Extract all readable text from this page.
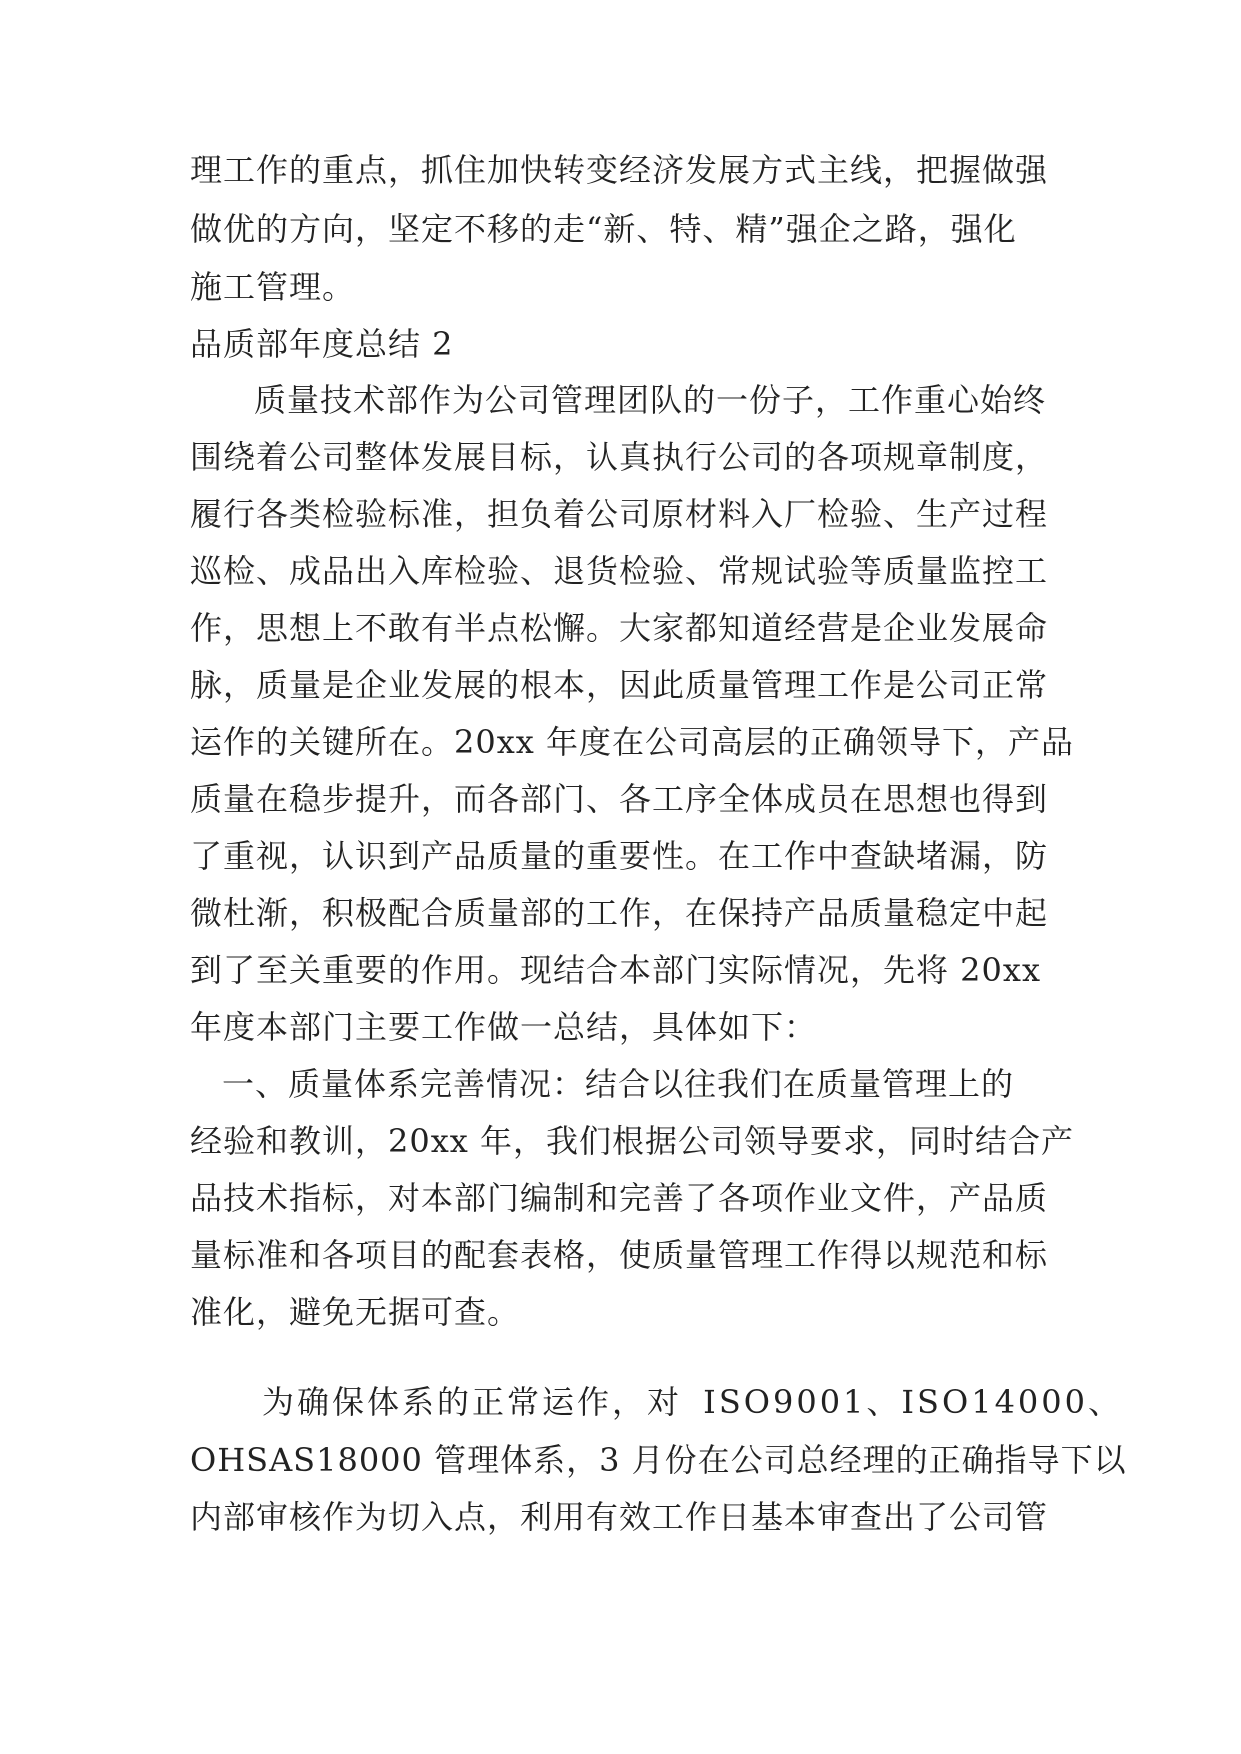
理工作的重点，抓住加快转变经济发展方式主线，把握做强
做优的方向，坚定不移的走“新、特、精”强企之路，强化
施工管理。
品质部年度总结 2
质量技术部作为公司管理团队的一份子，工作重心始终
围绕着公司整体发展目标，认真执行公司的各项规章制度，
履行各类检验标准，担负着公司原材料入厂检验、生产过程
巡检、成品出入库检验、退货检验、常规试验等质量监控工
作，思想上不敢有半点松懈。大家都知道经营是企业发展命
脉，质量是企业发展的根本，因此质量管理工作是公司正常
运作的关键所在。20xx 年度在公司高层的正确领导下，产品
质量在稳步提升，而各部门、各工序全体成员在思想也得到
了重视，认识到产品质量的重要性。在工作中查缺堵漏，防
微杜渐，积极配合质量部的工作，在保持产品质量稳定中起
到了至关重要的作用。现结合本部门实际情况，先将 20xx
年度本部门主要工作做一总结，具体如下：
一、质量体系完善情况：结合以往我们在质量管理上的
经验和教训，20xx 年，我们根据公司领导要求，同时结合产
品技术指标，对本部门编制和完善了各项作业文件，产品质
量标准和各项目的配套表格，使质量管理工作得以规范和标
准化，避免无据可查。
为确保体系的正常运作，对 ISO9001、ISO14000、
OHSAS18000 管理体系，3 月份在公司总经理的正确指导下以
内部审核作为切入点，利用有效工作日基本审查出了公司管
